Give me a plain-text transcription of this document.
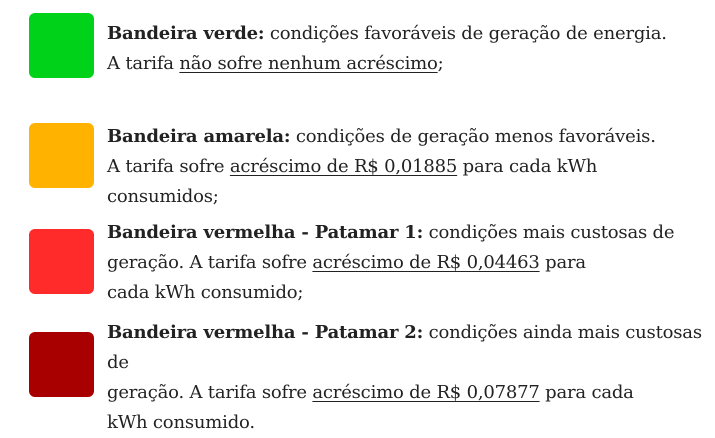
Bandeira verde: condições favoráveis de geração de energia.
A tarifa não sofre nenhum acréscimo;
Bandeira amarela: condições de geração menos favoráveis.
A tarifa sofre acréscimo de R$ 0,01885 para cada kWh consumidos;
Bandeira vermelha - Patamar 1: condições mais custosas de
geração. A tarifa sofre acréscimo de R$ 0,04463 para
cada kWh consumido;
Bandeira vermelha - Patamar 2: condições ainda mais custosas de
geração. A tarifa sofre acréscimo de R$ 0,07877 para cada
kWh consumido.
